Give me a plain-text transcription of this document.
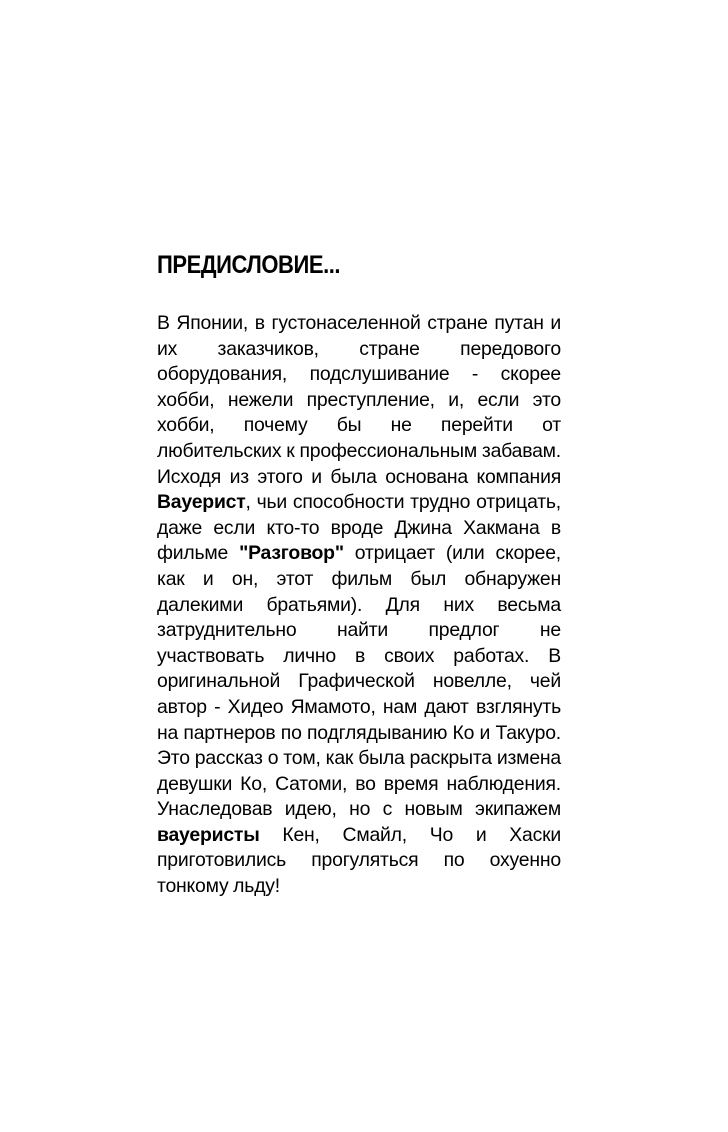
ПРЕДИСЛОВИЕ...

В Японии, в густонаселенной стране путан и их заказчиков, стране передового оборудования, подслушивание - скорее хобби, нежели преступление, и, если это хобби, почему бы не перейти от любительских к профессиональным забавам. Исходя из этого и была основана компания Вауерист, чьи способности трудно отрицать, даже если кто-то вроде Джина Хакмана в фильме "Разговор" отрицает (или скорее, как и он, этот фильм был обнаружен далекими братьями). Для них весьма затруднительно найти предлог не участвовать лично в своих работах. В оригинальной Графической новелле, чей автор - Хидео Ямамото, нам дают взглянуть на партнеров по подглядыванию Ко и Такуро. Это рассказ о том, как была раскрыта измена девушки Ко, Сатоми, во время наблюдения. Унаследовав идею, но с новым экипажем вауеристы Кен, Смайл, Чо и Хаски приготовились прогуляться по охуенно тонкому льду!
